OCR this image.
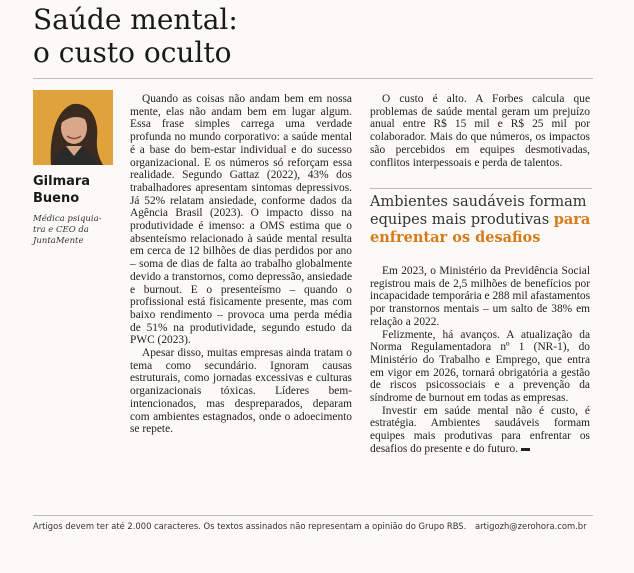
Saúde mental:
o custo oculto
Gilmara
Bueno
Médica psiquia-
tra e CEO da
JuntaMente

Quando as coisas não andam bem em nossa mente, elas não andam bem em lugar algum. Essa frase simples carrega uma verdade profunda no mundo corporativo: a saúde mental é a base do bem-estar individual e do sucesso organizacional. E os números só reforçam essa realidade. Segundo Gattaz (2022), 43% dos trabalhadores apresentam sintomas depressivos. Já 52% relatam ansiedade, conforme dados da Agência Brasil (2023). O impacto disso na produtividade é imenso: a OMS estima que o absenteísmo relacionado à saúde mental resulta em cerca de 12 bilhões de dias perdidos por ano – soma de dias de falta ao trabalho globalmente devido a transtornos, como depressão, ansiedade e burnout. E o presenteísmo – quando o profissional está fisicamente presente, mas com baixo rendimento – provoca uma perda média de 51% na produtividade, segundo estudo da PWC (2023).

Apesar disso, muitas empresas ainda tratam o tema como secundário. Ignoram causas estruturais, como jornadas excessivas e culturas organizacionais tóxicas. Líderes bem-intencionados, mas despreparados, deparam com ambientes estagnados, onde o adoecimento se repete.

O custo é alto. A Forbes calcula que problemas de saúde mental geram um prejuízo anual entre R$ 15 mil e R$ 25 mil por colaborador. Mais do que números, os impactos são percebidos em equipes desmotivadas, conflitos interpessoais e perda de talentos.

Ambientes saudáveis formam equipes mais produtivas para enfrentar os desafios

Em 2023, o Ministério da Previdência Social registrou mais de 2,5 milhões de benefícios por incapacidade temporária e 288 mil afastamentos por transtornos mentais – um salto de 38% em relação a 2022.

Felizmente, há avanços. A atualização da Norma Regulamentadora nº 1 (NR-1), do Ministério do Trabalho e Emprego, que entra em vigor em 2026, tornará obrigatória a gestão de riscos psicossociais e a prevenção da síndrome de burnout em todas as empresas.

Investir em saúde mental não é custo, é estratégia. Ambientes saudáveis formam equipes mais produtivas para enfrentar os desafios do presente e do futuro.

Artigos devem ter até 2.000 caracteres. Os textos assinados não representam a opinião do Grupo RBS. artigozh@zerohora.com.br
